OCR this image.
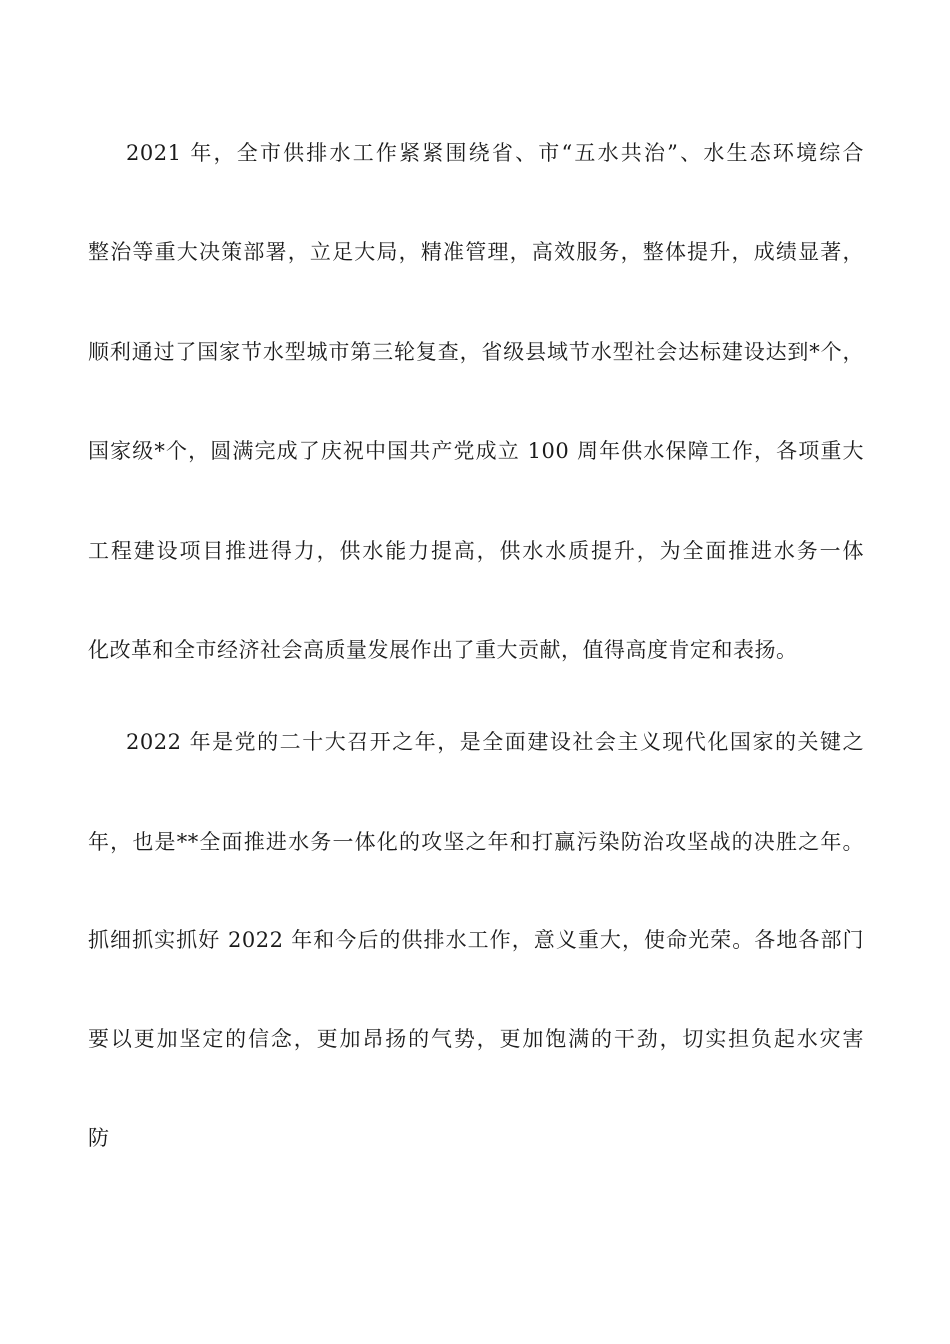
2021 年，全市供排水工作紧紧围绕省、市“五水共治”、水生态环境综合
整治等重大决策部署，立足大局，精准管理，高效服务，整体提升，成绩显著，
顺利通过了国家节水型城市第三轮复查，省级县域节水型社会达标建设达到*个，
国家级*个，圆满完成了庆祝中国共产党成立 100 周年供水保障工作，各项重大
工程建设项目推进得力，供水能力提高，供水水质提升，为全面推进水务一体
化改革和全市经济社会高质量发展作出了重大贡献，值得高度肯定和表扬。
2022 年是党的二十大召开之年，是全面建设社会主义现代化国家的关键之
年，也是**全面推进水务一体化的攻坚之年和打赢污染防治攻坚战的决胜之年。
抓细抓实抓好 2022 年和今后的供排水工作，意义重大，使命光荣。各地各部门
要以更加坚定的信念，更加昂扬的气势，更加饱满的干劲，切实担负起水灾害
防
